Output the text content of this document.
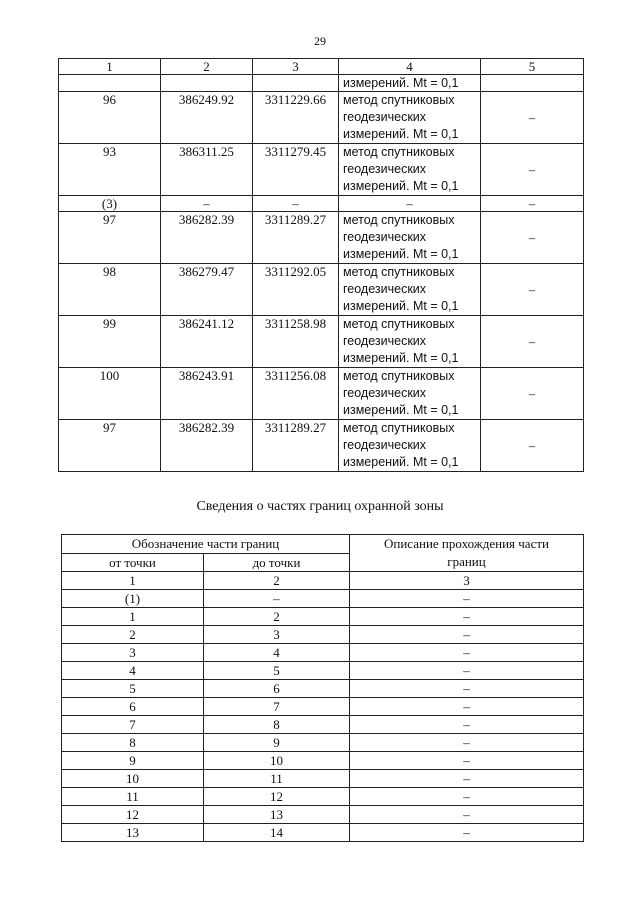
29
1	2	3	4	5
			измерений. Mt = 0,1	
96	386249.92	3311229.66	метод спутниковых
геодезических
измерений. Mt = 0,1	–
93	386311.25	3311279.45	метод спутниковых
геодезических
измерений. Mt = 0,1	–
(3)	–	–	–	–
97	386282.39	3311289.27	метод спутниковых
геодезических
измерений. Mt = 0,1	–
98	386279.47	3311292.05	метод спутниковых
геодезических
измерений. Mt = 0,1	–
99	386241.12	3311258.98	метод спутниковых
геодезических
измерений. Mt = 0,1	–
100	386243.91	3311256.08	метод спутниковых
геодезических
измерений. Mt = 0,1	–
97	386282.39	3311289.27	метод спутниковых
геодезических
измерений. Mt = 0,1	–
Сведения о частях границ охранной зоны
Обозначение части границ		Описание прохождения части
границ
от точки	до точки	
1	2	3
(1)	–	–
1	2	–
2	3	–
3	4	–
4	5	–
5	6	–
6	7	–
7	8	–
8	9	–
9	10	–
10	11	–
11	12	–
12	13	–
13	14	–
